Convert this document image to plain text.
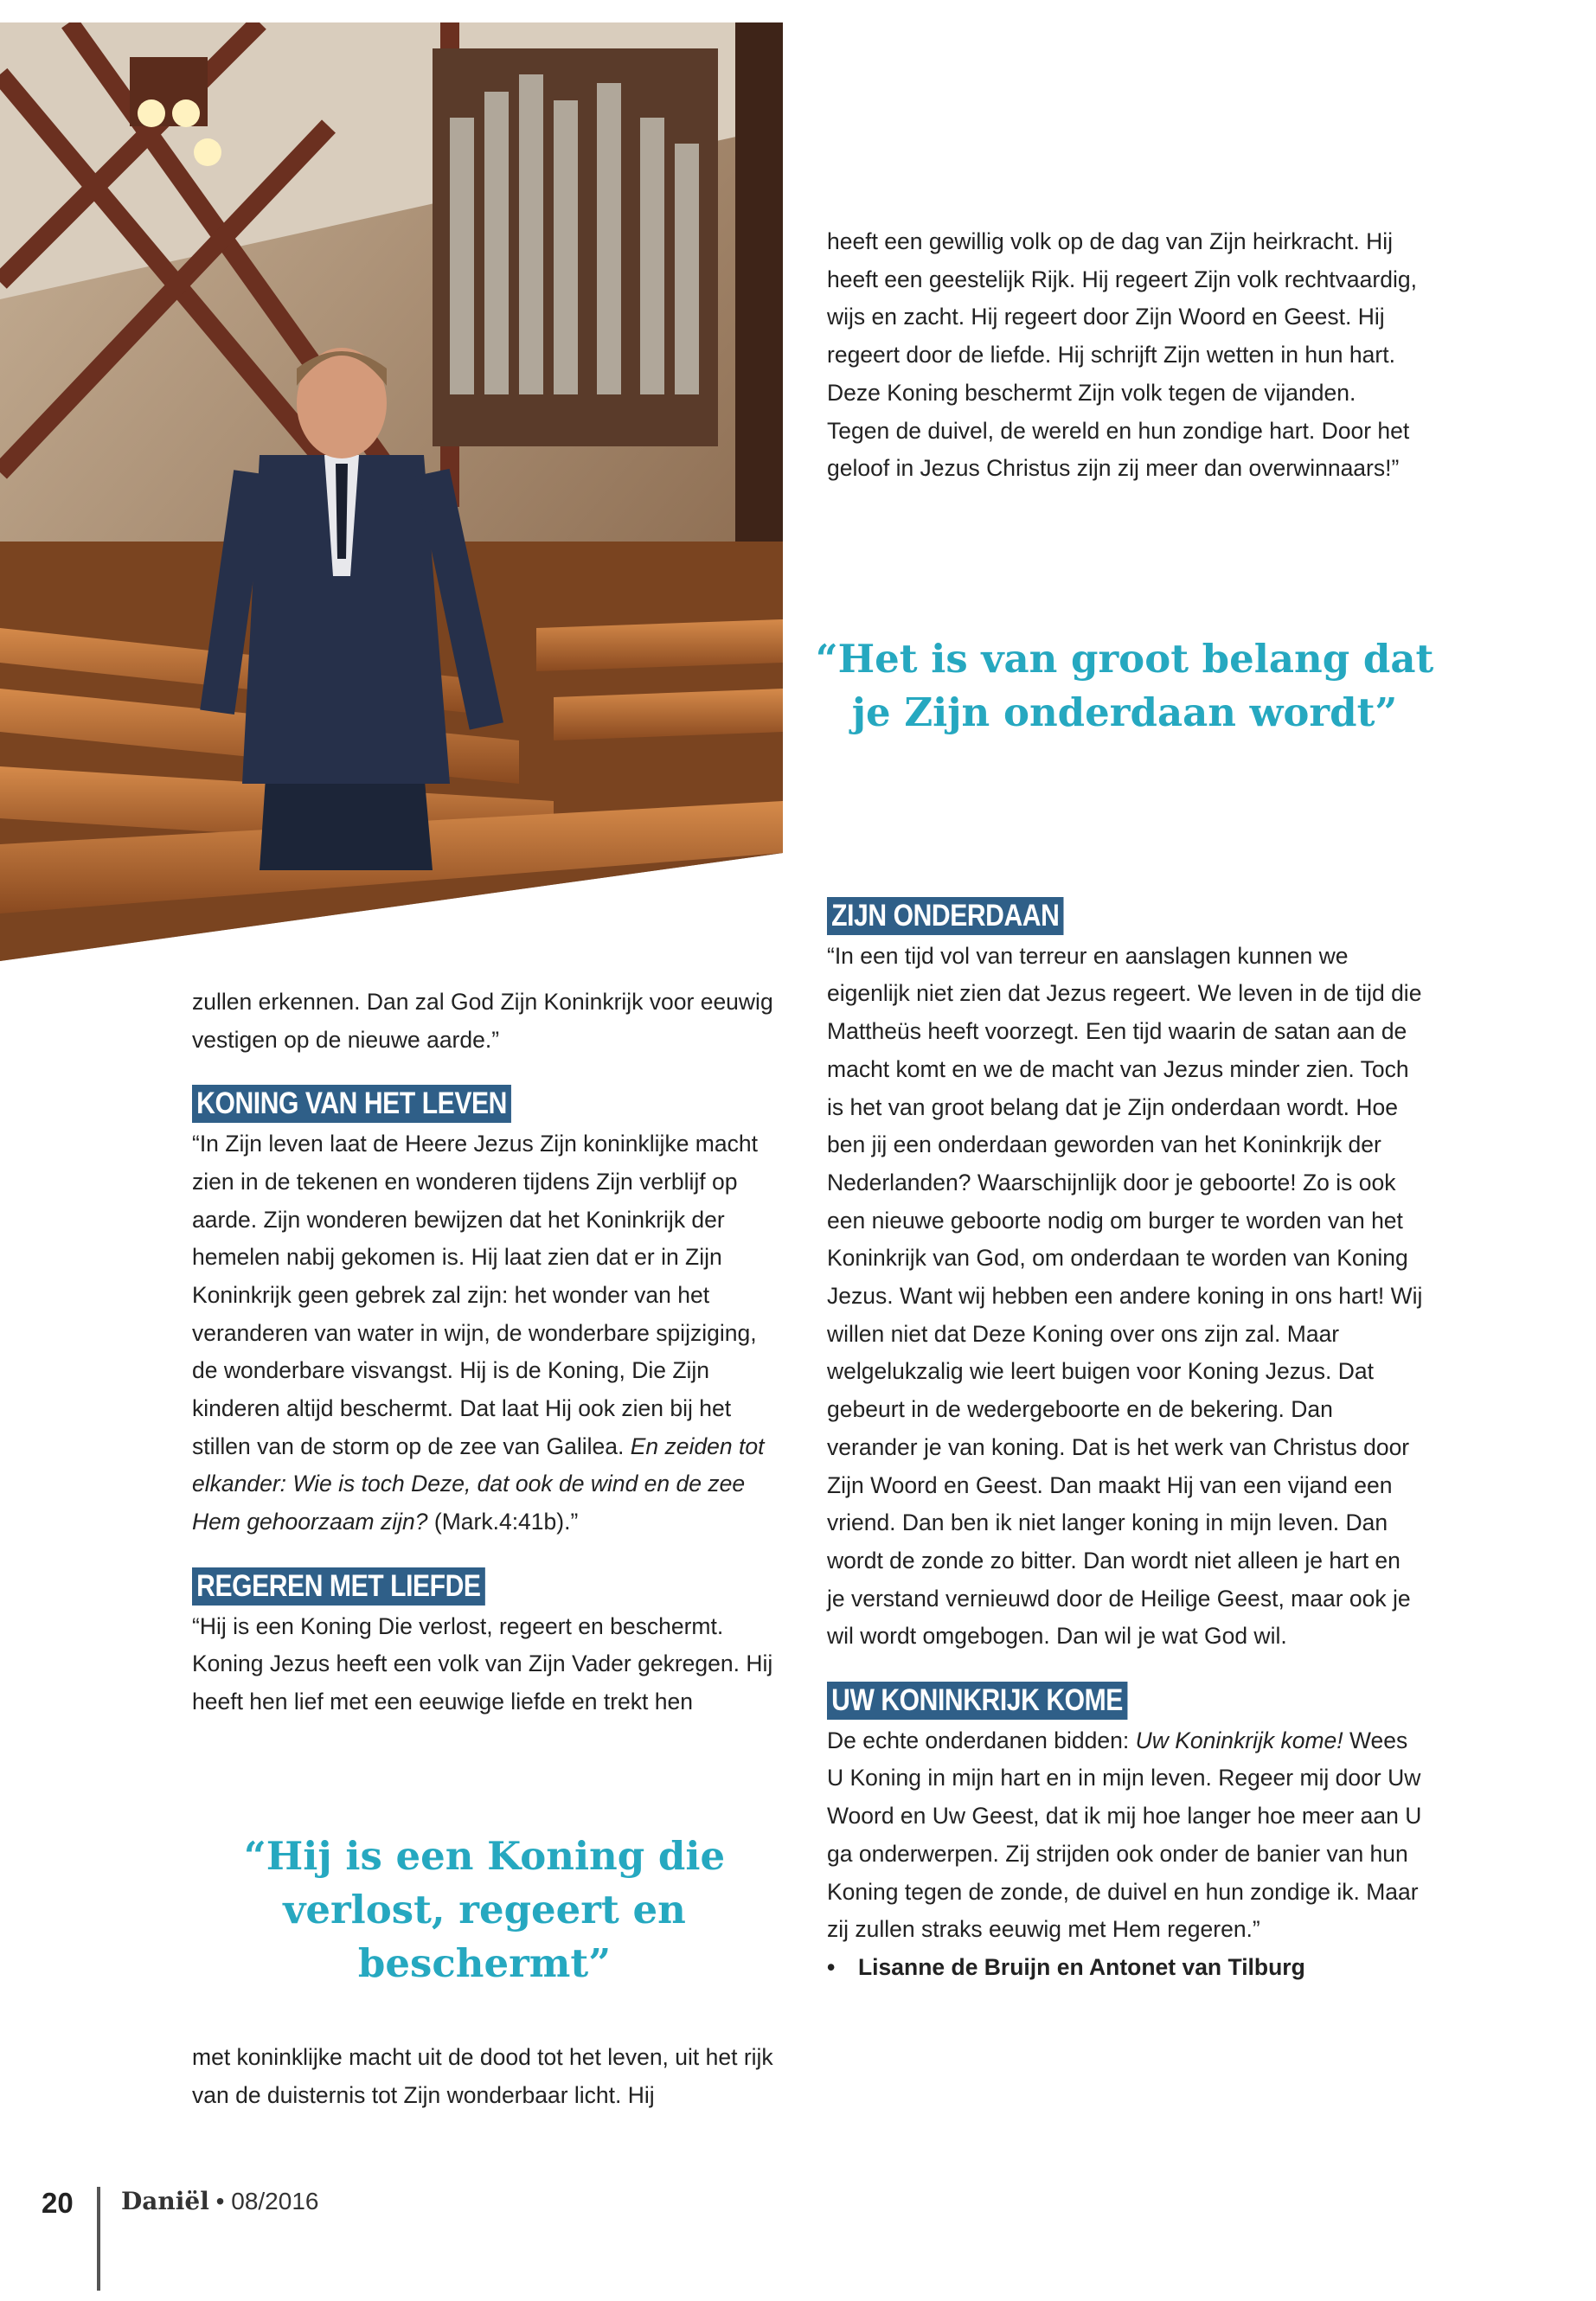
heeft een gewillig volk op de dag van Zijn heirkracht. Hij heeft een geestelijk Rijk. Hij regeert Zijn volk rechtvaardig, wijs en zacht. Hij regeert door Zijn Woord en Geest. Hij regeert door de liefde. Hij schrijft Zijn wetten in hun hart. Deze Koning beschermt Zijn volk tegen de vijanden. Tegen de duivel, de wereld en hun zondige hart. Door het geloof in Jezus Christus zijn zij meer dan overwinnaars!”

“Het is van groot belang dat je Zijn onderdaan wordt”

zullen erkennen. Dan zal God Zijn Koninkrijk voor eeuwig vestigen op de nieuwe aarde.”

KONING VAN HET LEVEN

“In Zijn leven laat de Heere Jezus Zijn koninklijke macht zien in de tekenen en wonderen tijdens Zijn verblijf op aarde. Zijn wonderen bewijzen dat het Koninkrijk der hemelen nabij gekomen is. Hij laat zien dat er in Zijn Koninkrijk geen gebrek zal zijn: het wonder van het veranderen van water in wijn, de wonderbare spijziging, de wonderbare visvangst. Hij is de Koning, Die Zijn kinderen altijd beschermt. Dat laat Hij ook zien bij het stillen van de storm op de zee van Galilea. En zeiden tot elkander: Wie is toch Deze, dat ook de wind en de zee Hem gehoorzaam zijn? (Mark.4:41b).”

REGEREN MET LIEFDE

“Hij is een Koning Die verlost, regeert en beschermt. Koning Jezus heeft een volk van Zijn Vader gekregen. Hij heeft hen lief met een eeuwige liefde en trekt hen

“Hij is een Koning die verlost, regeert en beschermt”

met koninklijke macht uit de dood tot het leven, uit het rijk van de duisternis tot Zijn wonderbaar licht. Hij

ZIJN ONDERDAAN

“In een tijd vol van terreur en aanslagen kunnen we eigenlijk niet zien dat Jezus regeert. We leven in de tijd die Mattheüs heeft voorzegt. Een tijd waarin de satan aan de macht komt en we de macht van Jezus minder zien. Toch is het van groot belang dat je Zijn onderdaan wordt. Hoe ben jij een onderdaan geworden van het Koninkrijk der Nederlanden? Waarschijnlijk door je geboorte! Zo is ook een nieuwe geboorte nodig om burger te worden van het Koninkrijk van God, om onderdaan te worden van Koning Jezus. Want wij hebben een andere koning in ons hart! Wij willen niet dat Deze Koning over ons zijn zal. Maar welgelukzalig wie leert buigen voor Koning Jezus. Dat gebeurt in de wedergeboorte en de bekering. Dan verander je van koning. Dat is het werk van Christus door Zijn Woord en Geest. Dan maakt Hij van een vijand een vriend. Dan ben ik niet langer koning in mijn leven. Dan wordt de zonde zo bitter. Dan wordt niet alleen je hart en je verstand vernieuwd door de Heilige Geest, maar ook je wil wordt omgebogen. Dan wil je wat God wil.

UW KONINKRIJK KOME

De echte onderdanen bidden: Uw Koninkrijk kome! Wees U Koning in mijn hart en in mijn leven. Regeer mij door Uw Woord en Uw Geest, dat ik mij hoe langer hoe meer aan U ga onderwerpen. Zij strijden ook onder de banier van hun Koning tegen de zonde, de duivel en hun zondige ik. Maar zij zullen straks eeuwig met Hem regeren.”

• Lisanne de Bruijn en Antonet van Tilburg

20 Daniël • 08/2016
